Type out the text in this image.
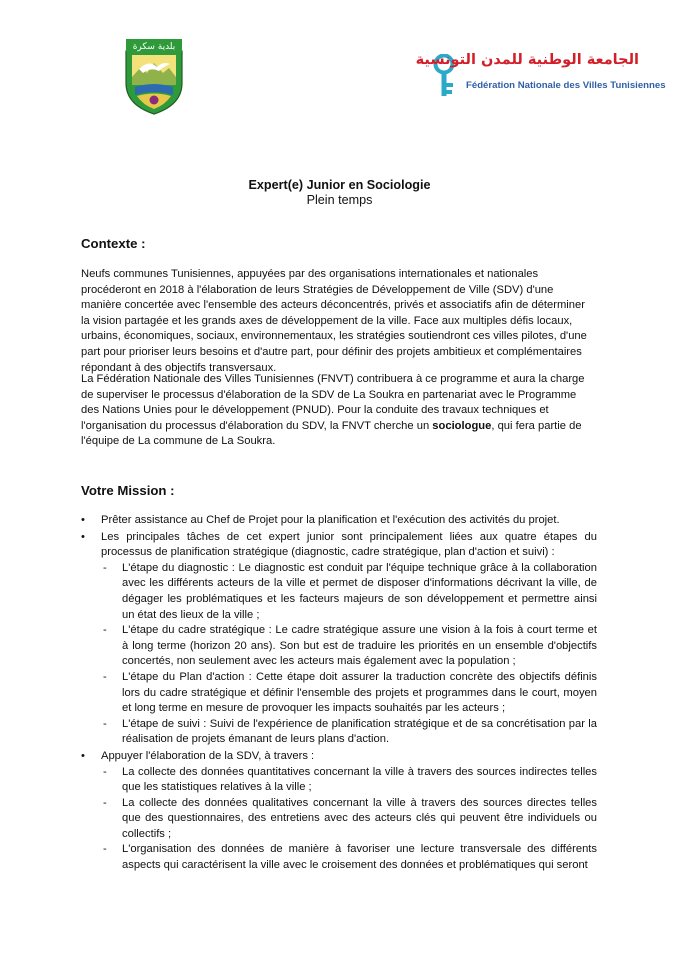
بلدية سكرة
الجامعة الوطنية للمدن التونسية
Fédération Nationale des Villes Tunisiennes
Expert(e) Junior en Sociologie
Plein temps
Contexte :
Neufs communes Tunisiennes, appuyées par des organisations internationales et nationales procéderont en 2018 à l'élaboration de leurs Stratégies de Développement de Ville (SDV) d'une manière concertée avec l'ensemble des acteurs déconcentrés, privés et associatifs afin de déterminer la vision partagée et les grands axes de développement de la ville. Face aux multiples défis locaux, urbains, économiques, sociaux, environnementaux, les stratégies soutiendront ces villes pilotes, d'une part pour prioriser leurs besoins et d'autre part, pour définir des projets ambitieux et complémentaires répondant à des objectifs transversaux.
La Fédération Nationale des Villes Tunisiennes (FNVT) contribuera à ce programme et aura la charge de superviser le processus d'élaboration de la SDV de La Soukra en partenariat avec le Programme des Nations Unies pour le développement (PNUD). Pour la conduite des travaux techniques et l'organisation du processus d'élaboration du SDV, la FNVT cherche un sociologue, qui fera partie de l'équipe de La commune de La Soukra.
Votre Mission :
• Prêter assistance au Chef de Projet pour la planification et l'exécution des activités du projet.
• Les principales tâches de cet expert junior sont principalement liées aux quatre étapes du processus de planification stratégique (diagnostic, cadre stratégique, plan d'action et suivi) :
- L'étape du diagnostic : Le diagnostic est conduit par l'équipe technique grâce à la collaboration avec les différents acteurs de la ville et permet de disposer d'informations décrivant la ville, de dégager les problématiques et les facteurs majeurs de son développement et permettre ainsi un état des lieux de la ville ;
- L'étape du cadre stratégique : Le cadre stratégique assure une vision à la fois à court terme et à long terme (horizon 20 ans). Son but est de traduire les priorités en un ensemble d'objectifs concertés, non seulement avec les acteurs mais également avec la population ;
- L'étape du Plan d'action : Cette étape doit assurer la traduction concrète des objectifs définis lors du cadre stratégique et définir l'ensemble des projets et programmes dans le court, moyen et long terme en mesure de provoquer les impacts souhaités par les acteurs ;
- L'étape de suivi : Suivi de l'expérience de planification stratégique et de sa concrétisation par la réalisation de projets émanant de leurs plans d'action.
• Appuyer l'élaboration de la SDV, à travers :
- La collecte des données quantitatives concernant la ville à travers des sources indirectes telles que les statistiques relatives à la ville ;
- La collecte des données qualitatives concernant la ville à travers des sources directes telles que des questionnaires, des entretiens avec des acteurs clés qui peuvent être individuels ou collectifs ;
- L'organisation des données de manière à favoriser une lecture transversale des différents aspects qui caractérisent la ville avec le croisement des données et problématiques qui seront
